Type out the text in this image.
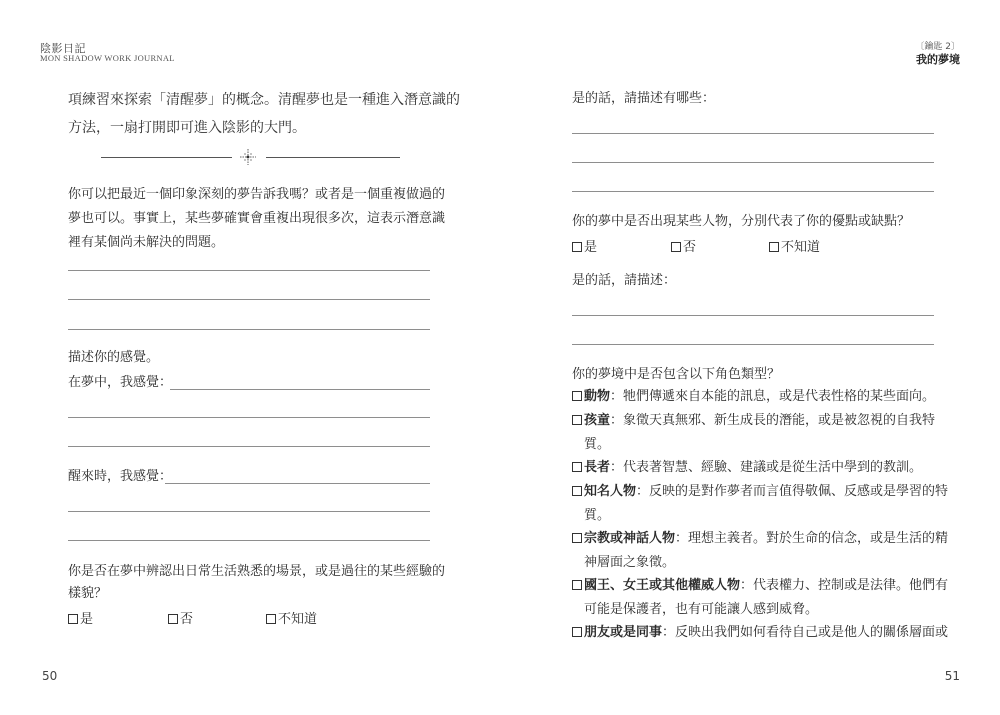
陰影日記
MON SHADOW WORK JOURNAL
項練習來探索「清醒夢」的概念。清醒夢也是一種進入潛意識的
方法，一扇打開即可進入陰影的大門。
你可以把最近一個印象深刻的夢告訴我嗎？或者是一個重複做過的
夢也可以。事實上，某些夢確實會重複出現很多次，這表示潛意識
裡有某個尚未解決的問題。
描述你的感覺。
在夢中，我感覺：
醒來時，我感覺：
你是否在夢中辨認出日常生活熟悉的場景，或是過往的某些經驗的
樣貌？
是	否	不知道
50
〔鑰匙 2〕
我的夢境
51
是的話，請描述有哪些：
你的夢中是否出現某些人物，分別代表了你的優點或缺點？
是	否	不知道
是的話，請描述：
你的夢境中是否包含以下角色類型？
動物：牠們傳遞來自本能的訊息，或是代表性格的某些面向。
孩童：象徵天真無邪、新生成長的潛能，或是被忽視的自我特
質。
長者：代表著智慧、經驗、建議或是從生活中學到的教訓。
知名人物：反映的是對作夢者而言值得敬佩、反感或是學習的特
質。
宗教或神話人物：理想主義者。對於生命的信念，或是生活的精
神層面之象徵。
國王、女王或其他權威人物：代表權力、控制或是法律。他們有
可能是保護者，也有可能讓人感到威脅。
朋友或是同事：反映出我們如何看待自己或是他人的關係層面或
